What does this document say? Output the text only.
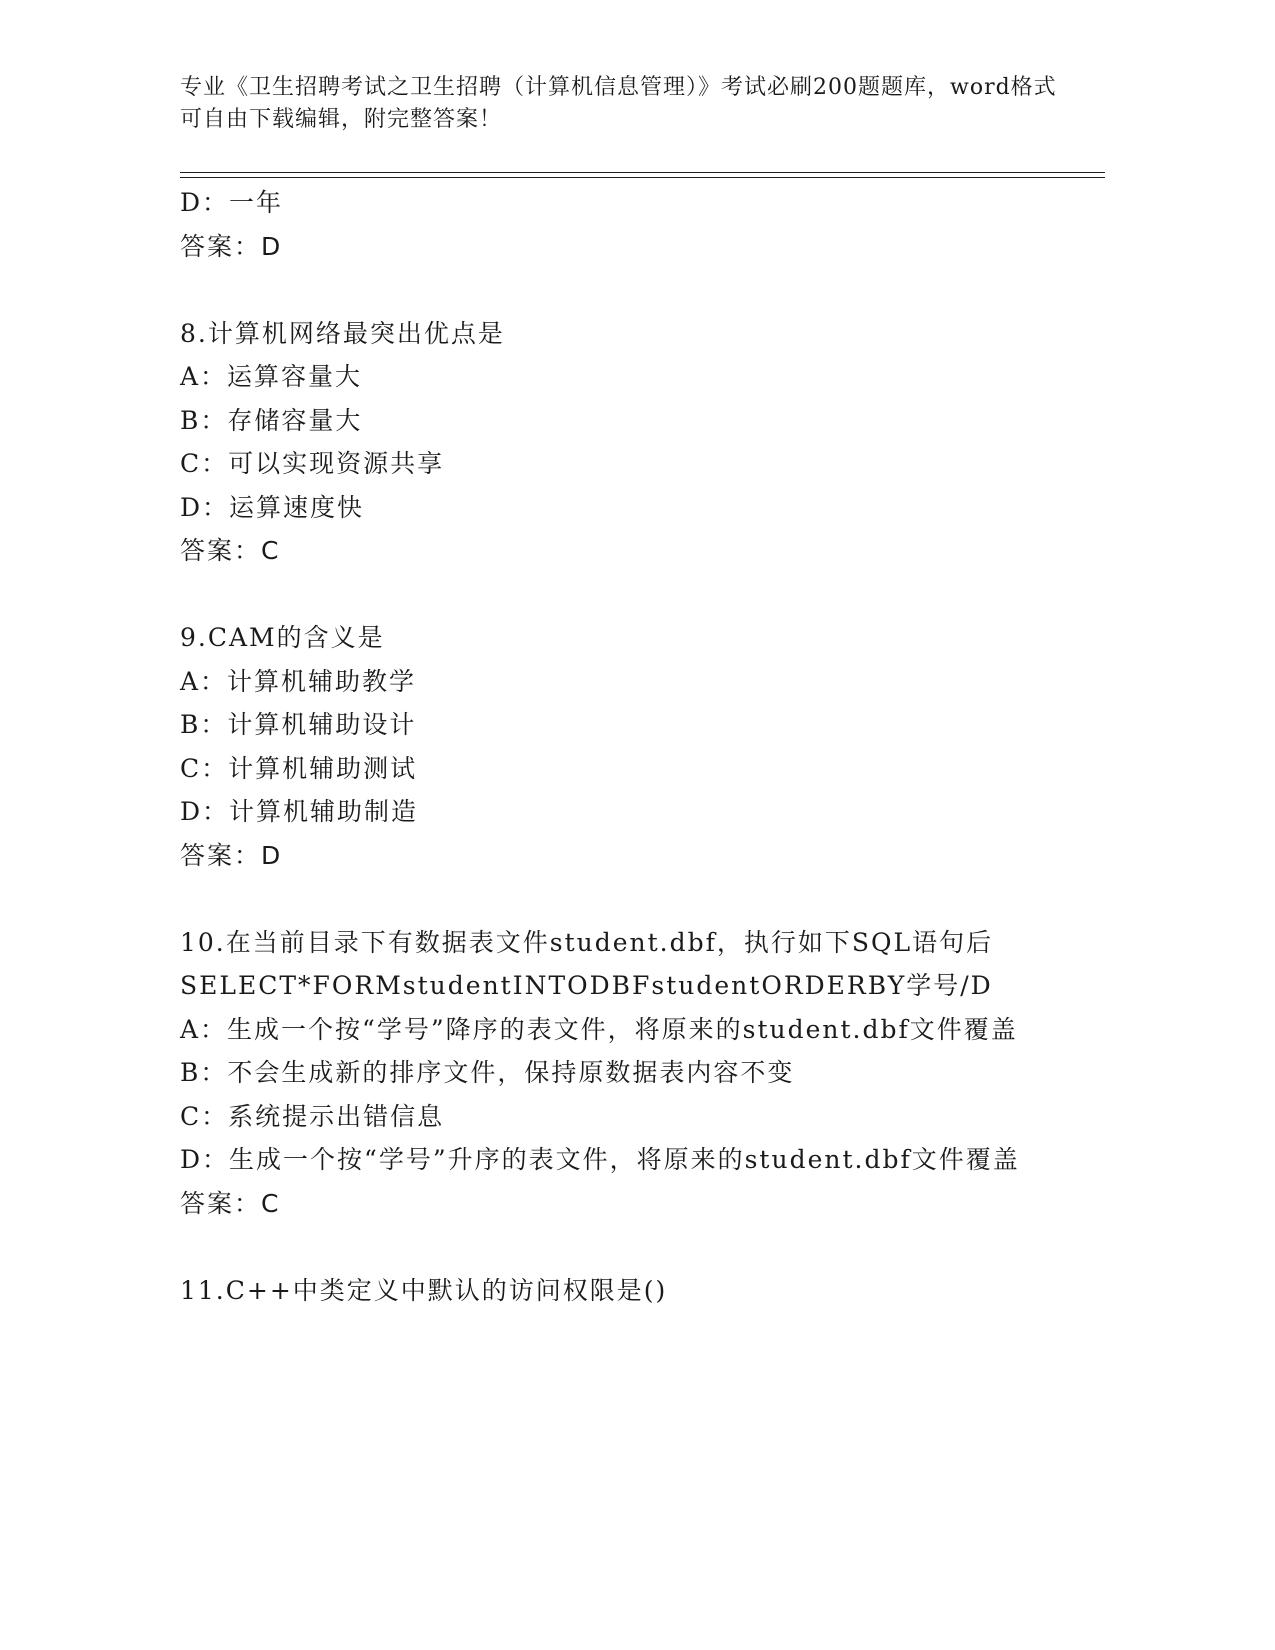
专业《卫生招聘考试之卫生招聘（计算机信息管理）》考试必刷200题题库，word格式可自由下载编辑，附完整答案！
D：一年
答案：D
8.计算机网络最突出优点是
A：运算容量大
B：存储容量大
C：可以实现资源共享
D：运算速度快
答案：C
9.CAM的含义是
A：计算机辅助教学
B：计算机辅助设计
C：计算机辅助测试
D：计算机辅助制造
答案：D
10.在当前目录下有数据表文件student.dbf，执行如下SQL语句后
SELECT*FORMstudentINTODBFstudentORDERBY学号/D
A：生成一个按“学号”降序的表文件，将原来的student.dbf文件覆盖
B：不会生成新的排序文件，保持原数据表内容不变
C：系统提示出错信息
D：生成一个按“学号”升序的表文件，将原来的student.dbf文件覆盖
答案：C
11.C++中类定义中默认的访问权限是()
